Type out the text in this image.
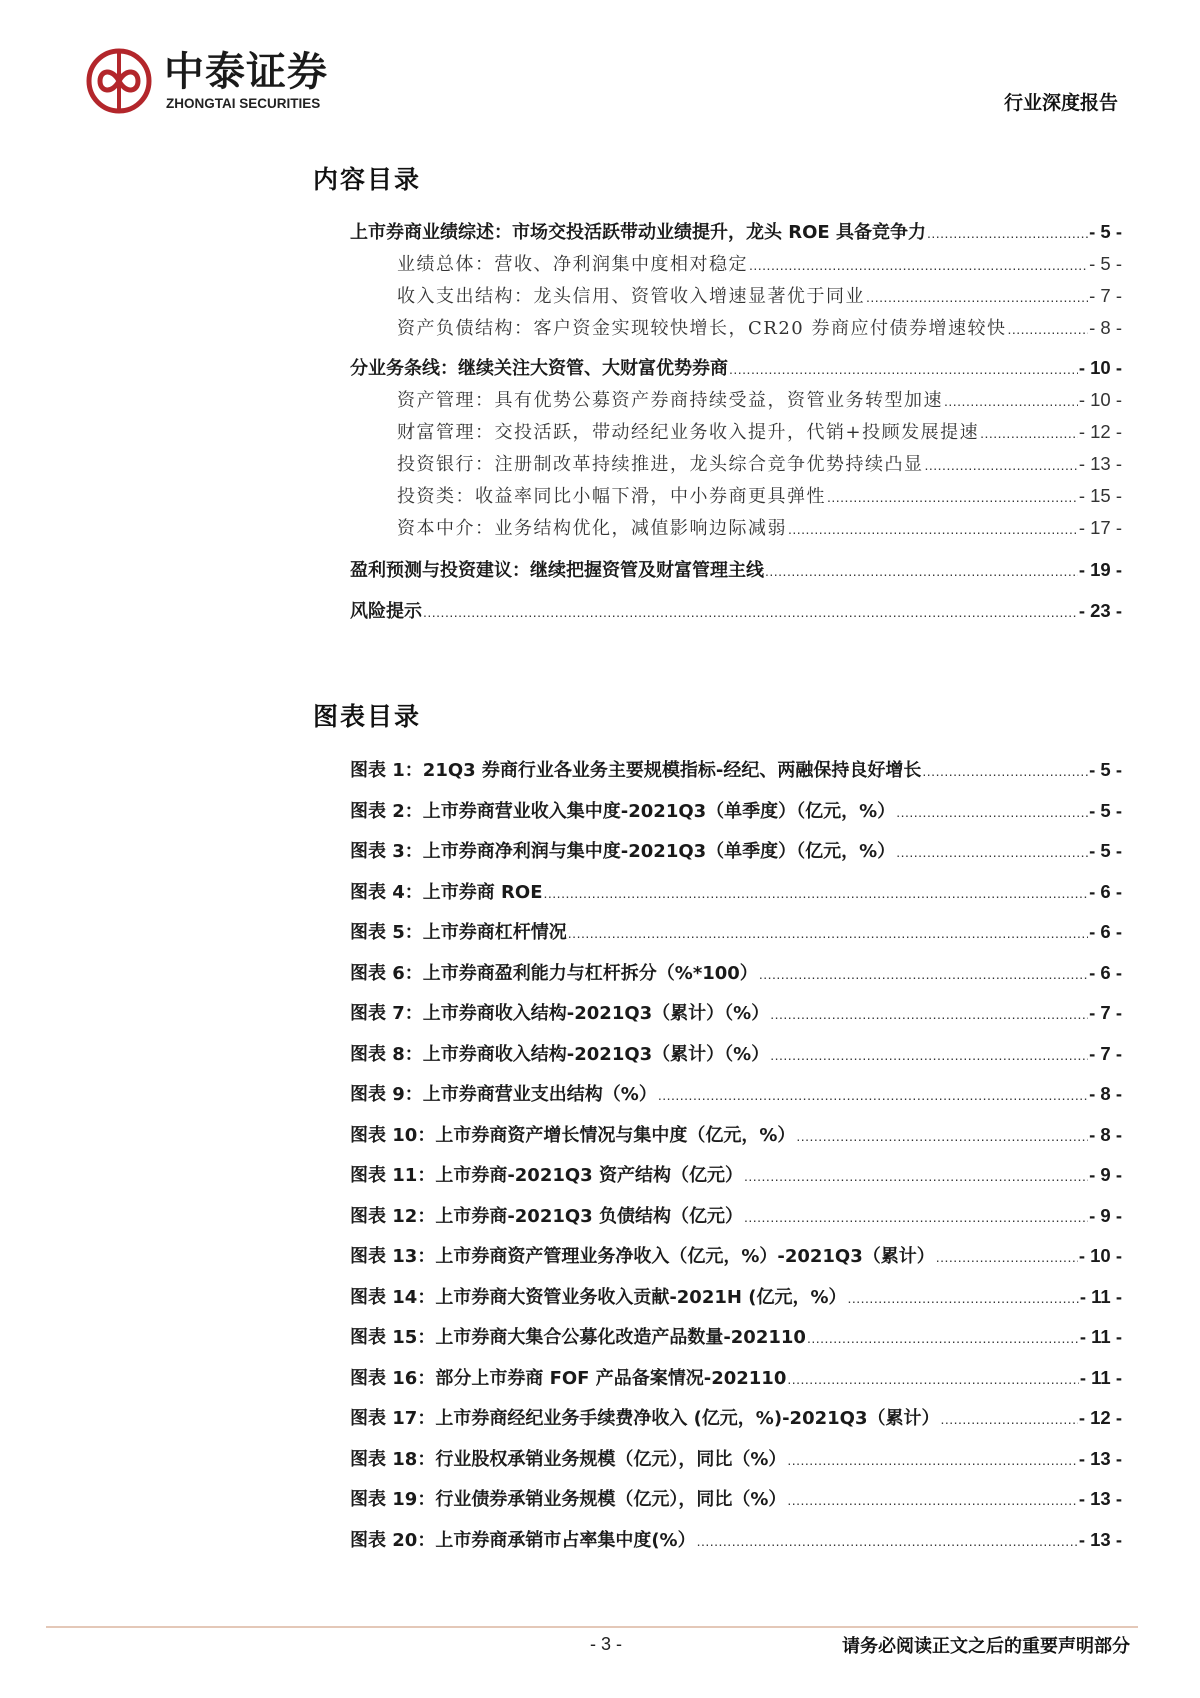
中泰证券
ZHONGTAI SECURITIES	行业深度报告
内容目录
上市券商业绩综述：市场交投活跃带动业绩提升，龙头 ROE 具备竞争力 .....	- 5 -
业绩总体：营收、净利润集中度相对稳定 .....	- 5 -
收入支出结构：龙头信用、资管收入增速显著优于同业 .....	- 7 -
资产负债结构：客户资金实现较快增长，CR20 券商应付债券增速较快 .....	- 8 -
分业务条线：继续关注大资管、大财富优势券商 .....	- 10 -
资产管理：具有优势公募资产券商持续受益，资管业务转型加速 .....	- 10 -
财富管理：交投活跃，带动经纪业务收入提升，代销+投顾发展提速 .....	- 12 -
投资银行：注册制改革持续推进，龙头综合竞争优势持续凸显 .....	- 13 -
投资类：收益率同比小幅下滑，中小券商更具弹性 .....	- 15 -
资本中介：业务结构优化，减值影响边际减弱 .....	- 17 -
盈利预测与投资建议：继续把握资管及财富管理主线 .....	- 19 -
风险提示 .....	- 23 -
图表目录
图表 1：21Q3 券商行业各业务主要规模指标-经纪、两融保持良好增长 .....	- 5 -
图表 2：上市券商营业收入集中度-2021Q3（单季度）（亿元，%） .....	- 5 -
图表 3：上市券商净利润与集中度-2021Q3（单季度）（亿元，%） .....	- 5 -
图表 4：上市券商 ROE .....	- 6 -
图表 5：上市券商杠杆情况 .....	- 6 -
图表 6：上市券商盈利能力与杠杆拆分（%*100） .....	- 6 -
图表 7：上市券商收入结构-2021Q3（累计）（%） .....	- 7 -
图表 8：上市券商收入结构-2021Q3（累计）（%） .....	- 7 -
图表 9：上市券商营业支出结构（%） .....	- 8 -
图表 10：上市券商资产增长情况与集中度（亿元，%） .....	- 8 -
图表 11：上市券商-2021Q3 资产结构（亿元） .....	- 9 -
图表 12：上市券商-2021Q3 负债结构（亿元） .....	- 9 -
图表 13：上市券商资产管理业务净收入（亿元，%）-2021Q3（累计） .....	- 10 -
图表 14：上市券商大资管业务收入贡献-2021H (亿元，%） .....	- 11 -
图表 15：上市券商大集合公募化改造产品数量-202110 .....	- 11 -
图表 16：部分上市券商 FOF 产品备案情况-202110 .....	- 11 -
图表 17：上市券商经纪业务手续费净收入 (亿元，%)-2021Q3（累计） .....	- 12 -
图表 18：行业股权承销业务规模（亿元），同比（%） .....	- 13 -
图表 19：行业债券承销业务规模（亿元），同比（%） .....	- 13 -
图表 20：上市券商承销市占率集中度(%） .....	- 13 -
- 3 -	请务必阅读正文之后的重要声明部分
